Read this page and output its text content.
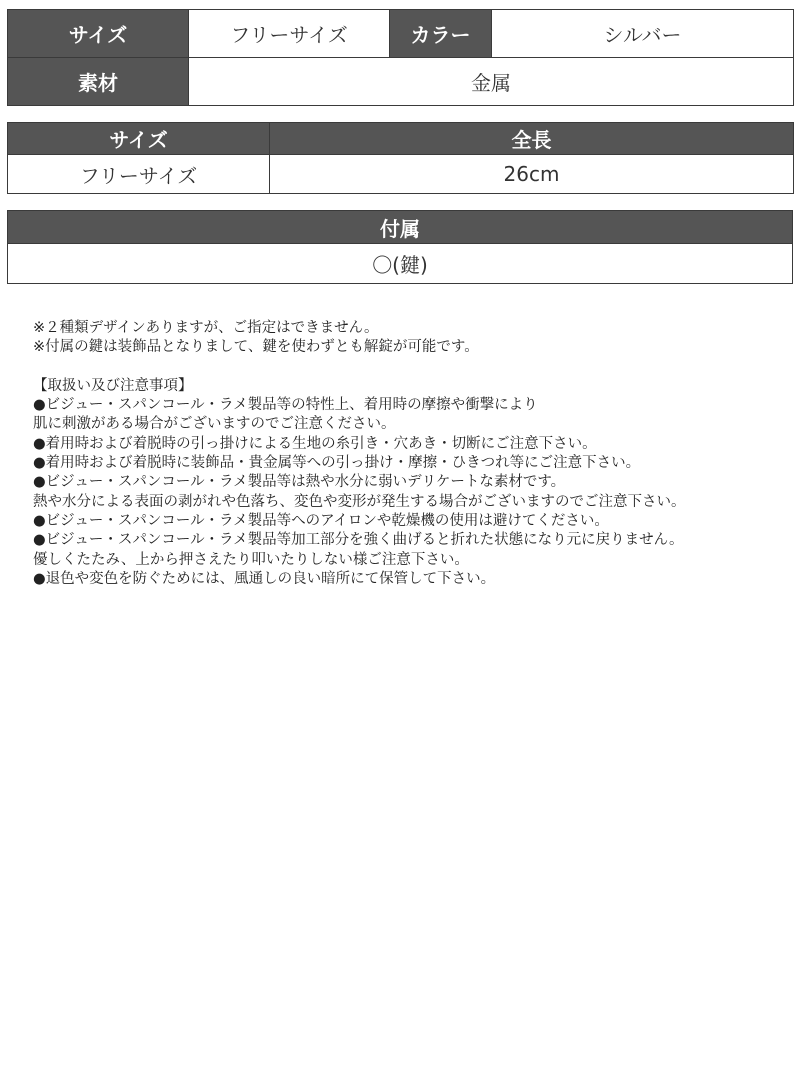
サイズ	フリーサイズ	カラー	シルバー
素材	金属		
サイズ	全長
フリーサイズ	26cm
付属
〇(鍵)

※２種類デザインありますが、ご指定はできません。

※付属の鍵は装飾品となりまして、鍵を使わずとも解錠が可能です。

【取扱い及び注意事項】

●ビジュー・スパンコール・ラメ製品等の特性上、着用時の摩擦や衝撃により

肌に刺激がある場合がございますのでご注意ください。

●着用時および着脱時の引っ掛けによる生地の糸引き・穴あき・切断にご注意下さい。

●着用時および着脱時に装飾品・貴金属等への引っ掛け・摩擦・ひきつれ等にご注意下さい。

●ビジュー・スパンコール・ラメ製品等は熱や水分に弱いデリケートな素材です。

熱や水分による表面の剥がれや色落ち、変色や変形が発生する場合がございますのでご注意下さい。

●ビジュー・スパンコール・ラメ製品等へのアイロンや乾燥機の使用は避けてください。

●ビジュー・スパンコール・ラメ製品等加工部分を強く曲げると折れた状態になり元に戻りません。

優しくたたみ、上から押さえたり叩いたりしない様ご注意下さい。

●退色や変色を防ぐためには、風通しの良い暗所にて保管して下さい。
